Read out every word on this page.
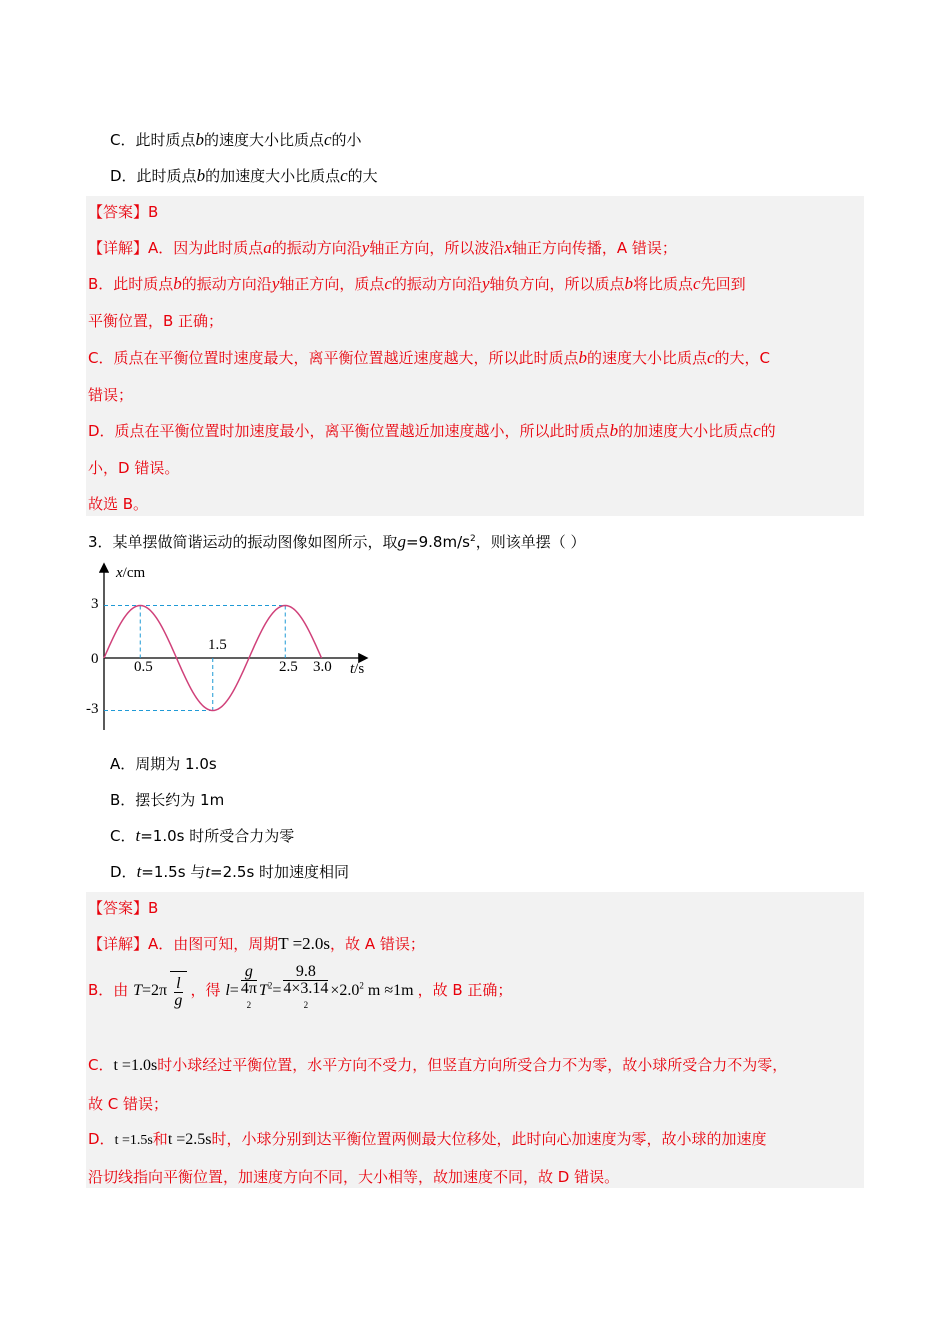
C．此时质点b的速度大小比质点c的小
D．此时质点b的加速度大小比质点c的大
【答案】B
【详解】A．因为此时质点a的振动方向沿y轴正方向，所以波沿x轴正方向传播，A 错误；
B．此时质点b的振动方向沿y轴正方向，质点c的振动方向沿y轴负方向，所以质点b将比质点c先回到
平衡位置，B 正确；
C．质点在平衡位置时速度最大，离平衡位置越近速度越大，所以此时质点b的速度大小比质点c的大，C
错误；
D．质点在平衡位置时加速度最小，离平衡位置越近加速度越小，所以此时质点b的加速度大小比质点c的
小，D 错误。
故选 B。
3．某单摆做简谐运动的振动图像如图所示，取$g=9.8m/s^2$，则该单摆（ ）
x/cm
3
0
-3
0.5
1.5
2.5 3.0 t/s
A．周期为 1.0s
B．摆长约为 1m
C．t=1.0s 时所受合力为零
D．t=1.5s 与t=2.5s 时加速度相同
【答案】B
【详解】A．由图可知，周期T =2.0s，故 A 错误；
B．由 $T=2\pi \frac{l}{g}$ ，得 l= g
4π
$^2$ $T^2= 9.8$
4×3.14
$^2 \times 2.0^2$ m ≈1m ，故 B 正确；
C．t =1.0s时小球经过平衡位置，水平方向不受力，但竖直方向所受合力不为零，故小球所受合力不为零，
故 C 错误；
D．t =1.5s和t =2.5s时，小球分别到达平衡位置两侧最大位移处，此时向心加速度为零，故小球的加速度
沿切线指向平衡位置，加速度方向不同，大小相等，故加速度不同，故 D 错误。
